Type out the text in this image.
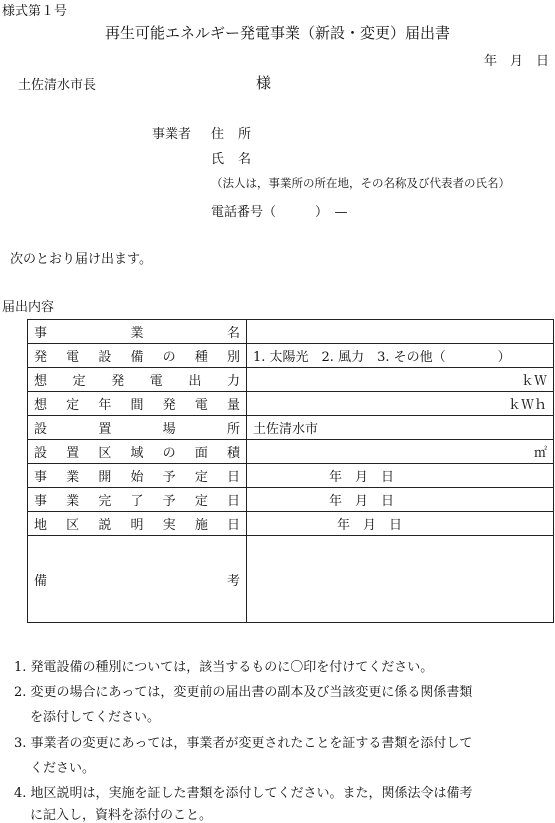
様式第１号
再生可能エネルギー発電事業（新設・変更）届出書
年　月　日
土佐清水市長	様
事業者 住所
氏名
（法人は，事業所の所在地，その名称及び代表者の氏名）
電話番号（　　　）　—
次のとおり届け出ます。
届出内容
事業名	

発電設備の種別	1. 太陽光　2. 風力　3. その他（　　　　）

想定発電出力	ｋＷ

想定年間発電量	ｋＷｈ

設置場所	土佐清水市

設置区域の面積	㎡

事業開始予定日	年　月　日

事業完了予定日	年　月　日

地区説明実施日	年　月　日

備考	

1. 発電設備の種別については，該当するものに〇印を付けてください。
2. 変更の場合にあっては，変更前の届出書の副本及び当該変更に係る関係書類
を添付してください。
3. 事業者の変更にあっては，事業者が変更されたことを証する書類を添付して
ください。
4. 地区説明は，実施を証した書類を添付してください。また，関係法令は備考
に記入し，資料を添付のこと。
